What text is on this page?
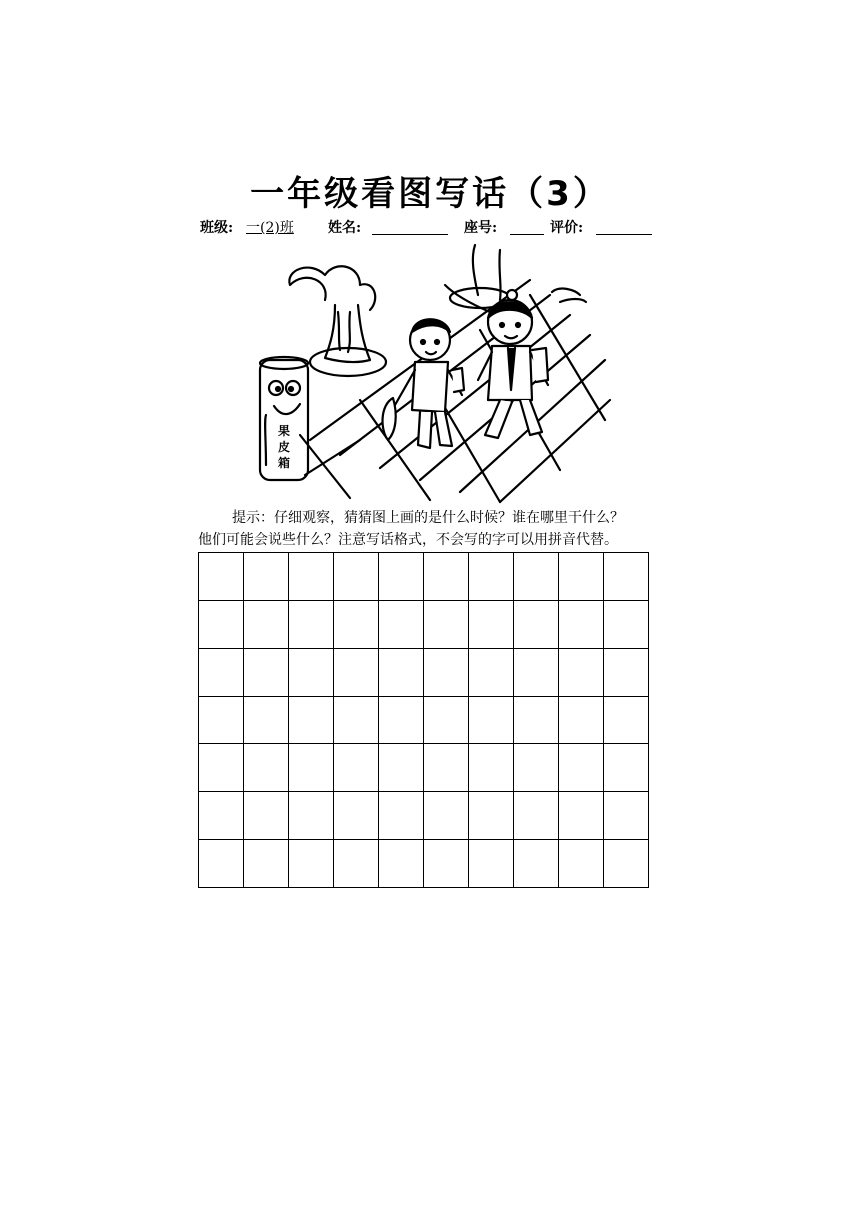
一年级看图写话（3）
班级: 一(2)班 姓名:	座号:	评价:
果
皮
箱
提示：仔细观察，猜猜图上画的是什么时候？谁在哪里干什么？
他们可能会说些什么？注意写话格式，不会写的字可以用拼音代替。
